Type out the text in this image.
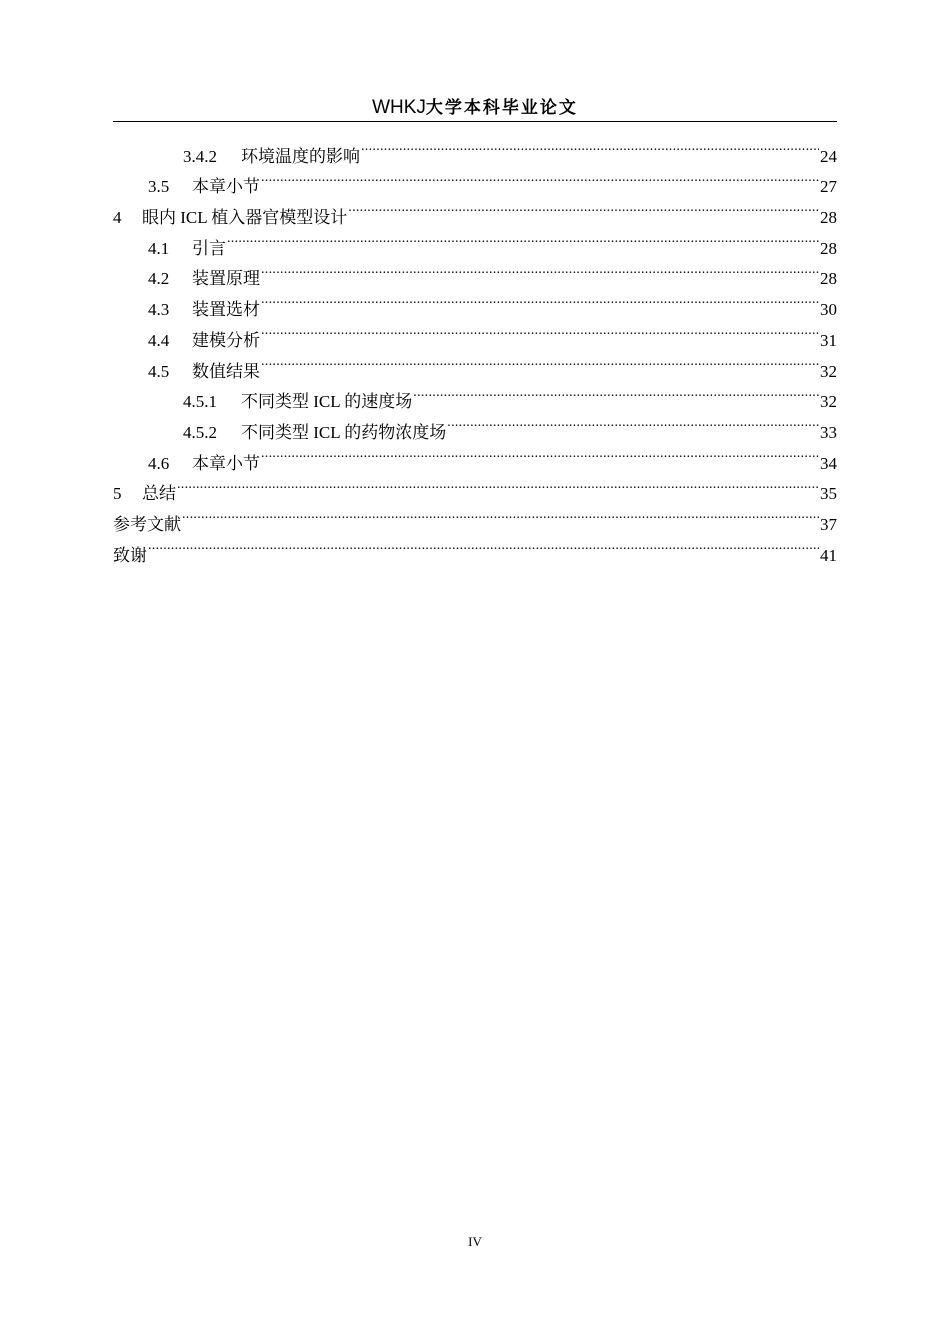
WHKJ大学本科毕业论文
3.4.2	环境温度的影响 .....	24
3.5	本章小节 .....	27
4	眼内 ICL 植入器官模型设计 .....	28
4.1	引言 .....	28
4.2	装置原理 .....	28
4.3	装置选材 .....	30
4.4	建模分析 .....	31
4.5	数值结果 .....	32
4.5.1	不同类型 ICL 的速度场 .....	32
4.5.2	不同类型 ICL 的药物浓度场 .....	33
4.6	本章小节 .....	34
5	总结 .....	35
参考文献 .....	37
致谢 .....	41
IV
